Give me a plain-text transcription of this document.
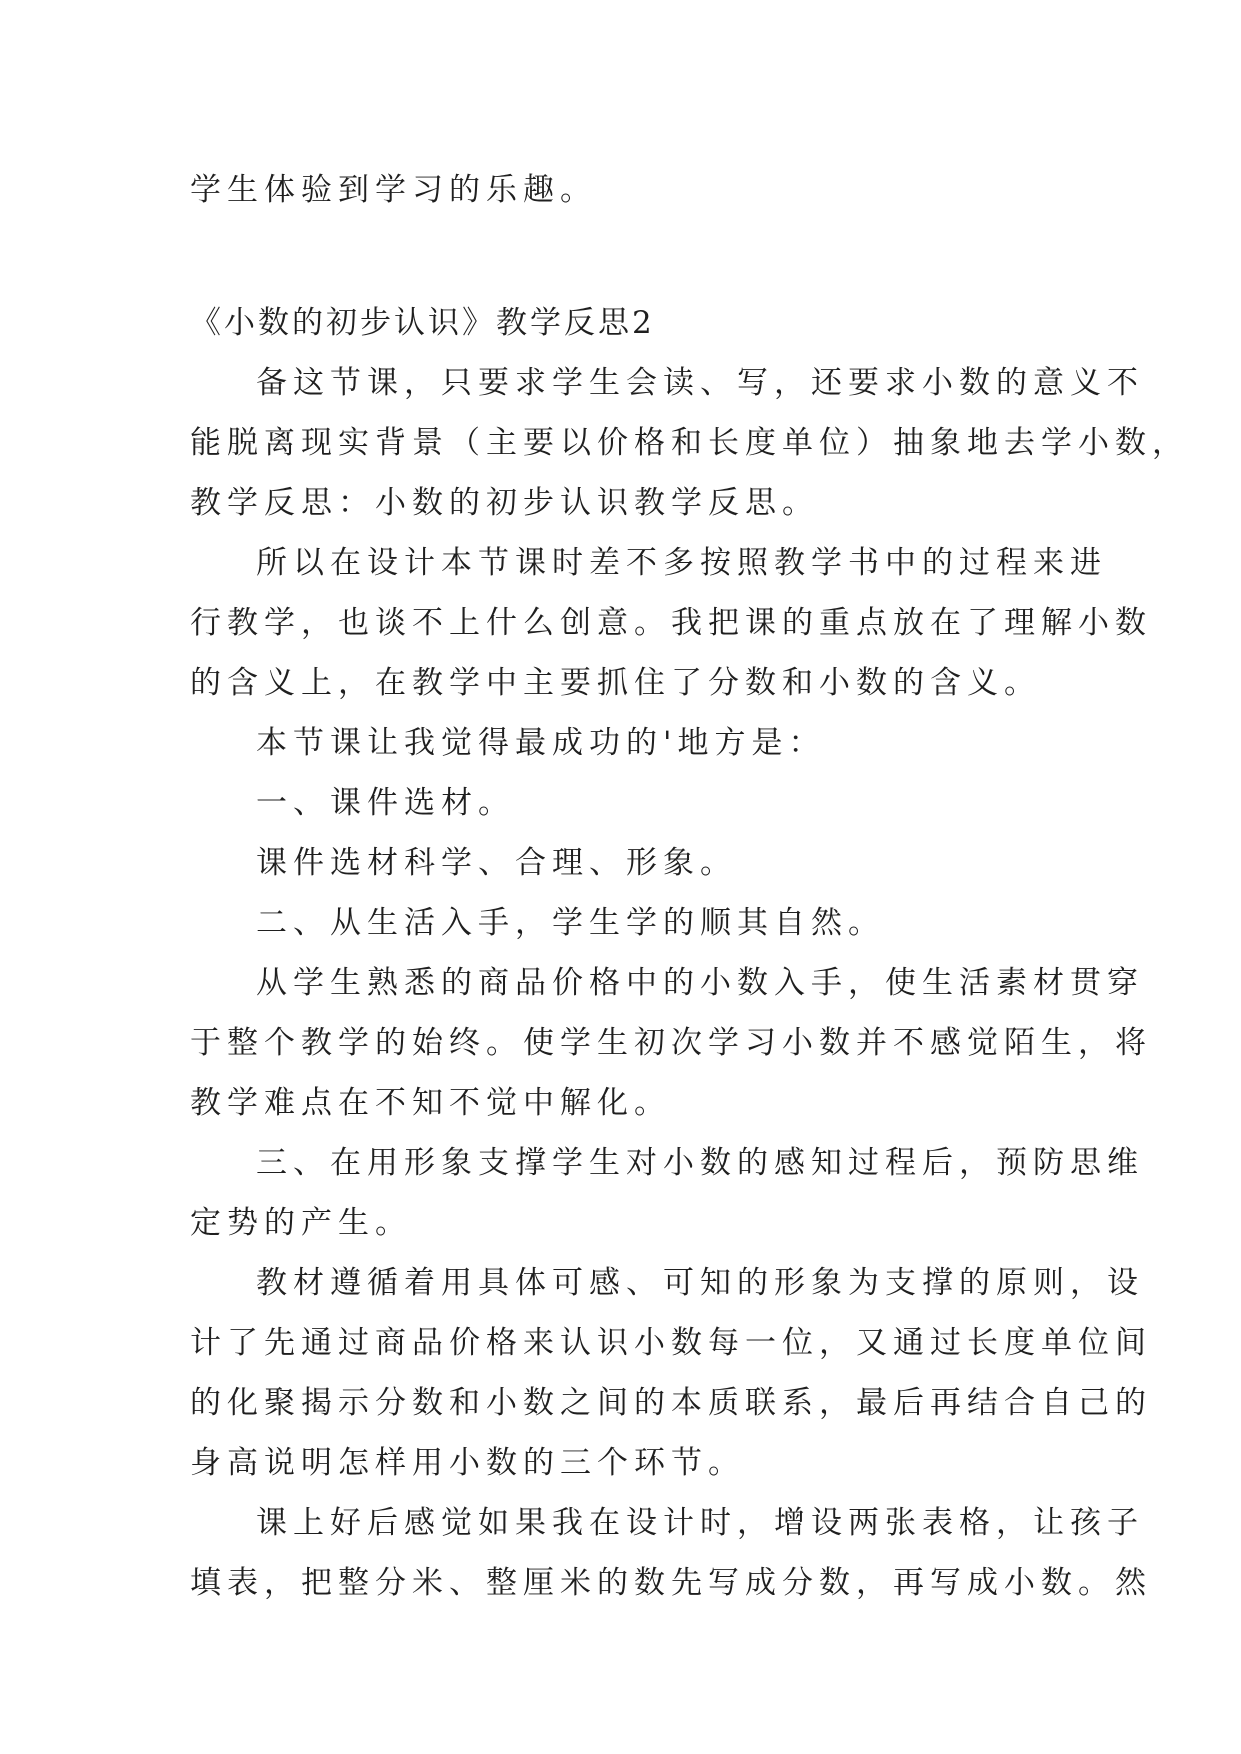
学生体验到学习的乐趣。
《小数的初步认识》教学反思2
备这节课，只要求学生会读、写，还要求小数的意义不
能脱离现实背景（主要以价格和长度单位）抽象地去学小数，
教学反思：小数的初步认识教学反思。
所以在设计本节课时差不多按照教学书中的过程来进
行教学，也谈不上什么创意。我把课的重点放在了理解小数
的含义上，在教学中主要抓住了分数和小数的含义。
本节课让我觉得最成功的'地方是：
一、课件选材。
课件选材科学、合理、形象。
二、从生活入手，学生学的顺其自然。
从学生熟悉的商品价格中的小数入手，使生活素材贯穿
于整个教学的始终。使学生初次学习小数并不感觉陌生，将
教学难点在不知不觉中解化。
三、在用形象支撑学生对小数的感知过程后，预防思维
定势的产生。
教材遵循着用具体可感、可知的形象为支撑的原则，设
计了先通过商品价格来认识小数每一位，又通过长度单位间
的化聚揭示分数和小数之间的本质联系，最后再结合自己的
身高说明怎样用小数的三个环节。
课上好后感觉如果我在设计时，增设两张表格，让孩子
填表，把整分米、整厘米的数先写成分数，再写成小数。然
